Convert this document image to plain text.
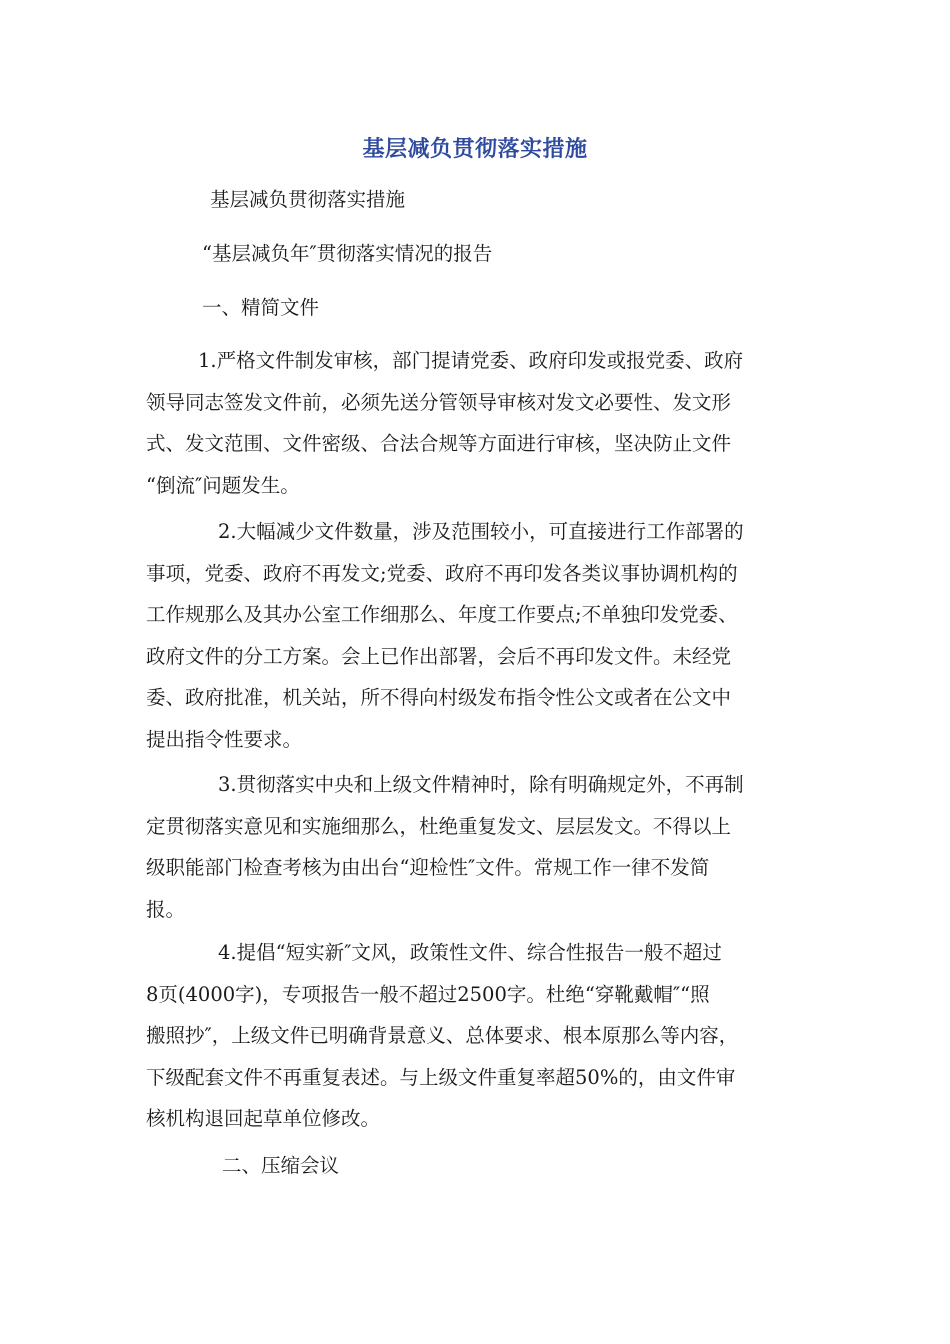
基层减负贯彻落实措施
基层减负贯彻落实措施
“基层减负年″贯彻落实情况的报告
一、精简文件
1.严格文件制发审核，部门提请党委、政府印发或报党委、政府
领导同志签发文件前，必须先送分管领导审核对发文必要性、发文形
式、发文范围、文件密级、合法合规等方面进行审核，坚决防止文件
“倒流″问题发生。
2.大幅减少文件数量，涉及范围较小，可直接进行工作部署的
事项，党委、政府不再发文;党委、政府不再印发各类议事协调机构的
工作规那么及其办公室工作细那么、年度工作要点;不单独印发党委、
政府文件的分工方案。会上已作出部署，会后不再印发文件。未经党
委、政府批准，机关站，所不得向村级发布指令性公文或者在公文中
提出指令性要求。
3.贯彻落实中央和上级文件精神时，除有明确规定外，不再制
定贯彻落实意见和实施细那么，杜绝重复发文、层层发文。不得以上
级职能部门检查考核为由出台“迎检性″文件。常规工作一律不发简
报。
4.提倡“短实新″文风，政策性文件、综合性报告一般不超过
8页(4000字)，专项报告一般不超过2500字。杜绝“穿靴戴帽″“照
搬照抄″，上级文件已明确背景意义、总体要求、根本原那么等内容，
下级配套文件不再重复表述。与上级文件重复率超50%的，由文件审
核机构退回起草单位修改。
二、压缩会议
